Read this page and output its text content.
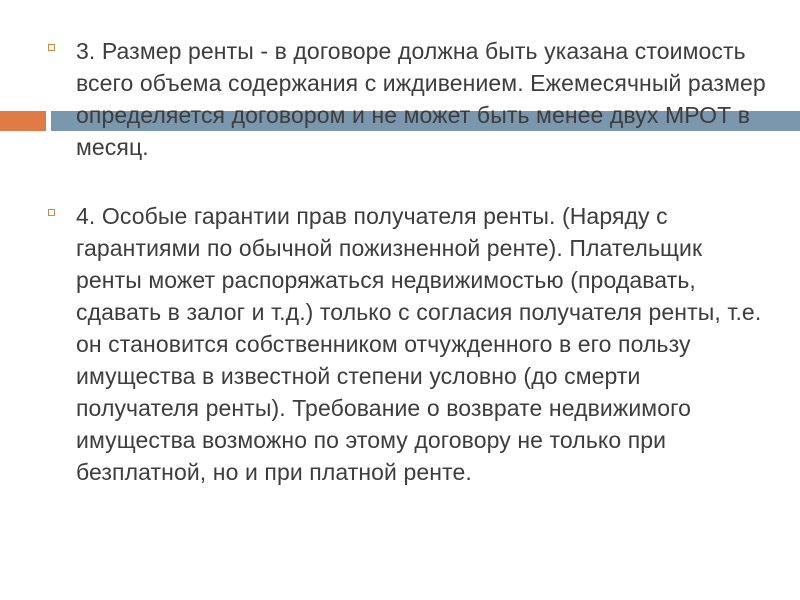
3. Размер ренты - в договоре должна быть указана стоимость всего объема содержания с иждивением. Ежемесячный размер определяется договором и не может быть менее двух МРОТ в месяц.
4. Особые гарантии прав получателя ренты. (Наряду с гарантиями по обычной пожизненной ренте). Плательщик ренты может распоряжаться недвижимостью (продавать, сдавать в залог и т.д.) только с согласия получателя ренты, т.е. он становится собственником отчужденного в его пользу имущества в известной степени условно (до смерти получателя ренты). Требование о возврате недвижимого имущества возможно по этому договору не только при безплатной, но и при платной ренте.
